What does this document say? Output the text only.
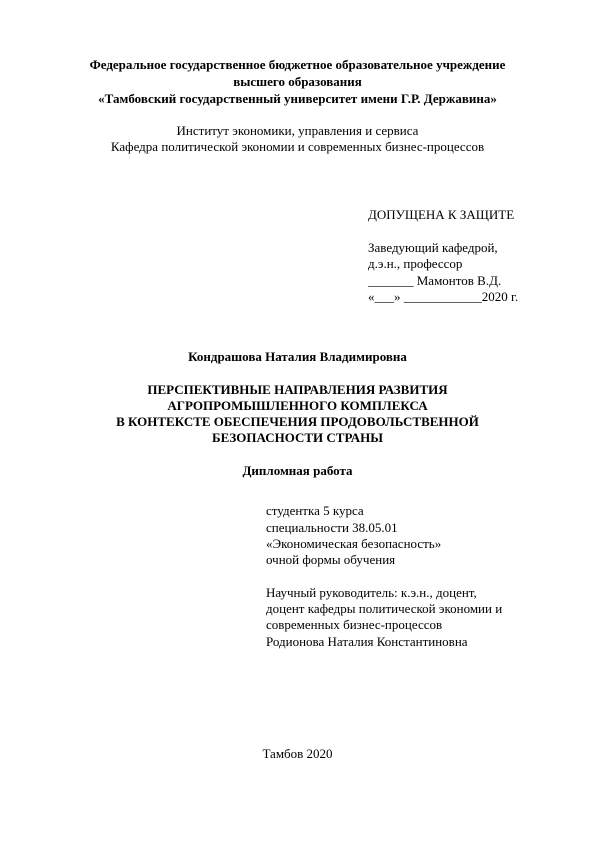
Федеральное государственное бюджетное образовательное учреждение
высшего образования
«Тамбовский государственный университет имени Г.Р. Державина»
Институт экономики, управления и сервиса
Кафедра политической экономии и современных бизнес-процессов
ДОПУЩЕНА К ЗАЩИТЕ
Заведующий кафедрой,
д.э.н., профессор
_______ Мамонтов В.Д.
«___» ____________2020 г.
Кондрашова Наталия Владимировна
ПЕРСПЕКТИВНЫЕ НАПРАВЛЕНИЯ РАЗВИТИЯ
АГРОПРОМЫШЛЕННОГО КОМПЛЕКСА
В КОНТЕКСТЕ ОБЕСПЕЧЕНИЯ ПРОДОВОЛЬСТВЕННОЙ
БЕЗОПАСНОСТИ СТРАНЫ
Дипломная работа
студентка 5 курса
специальности 38.05.01
«Экономическая безопасность»
очной формы обучения
Научный руководитель: к.э.н., доцент,
доцент кафедры политической экономии и
современных бизнес-процессов
Родионова Наталия Константиновна
Тамбов 2020
